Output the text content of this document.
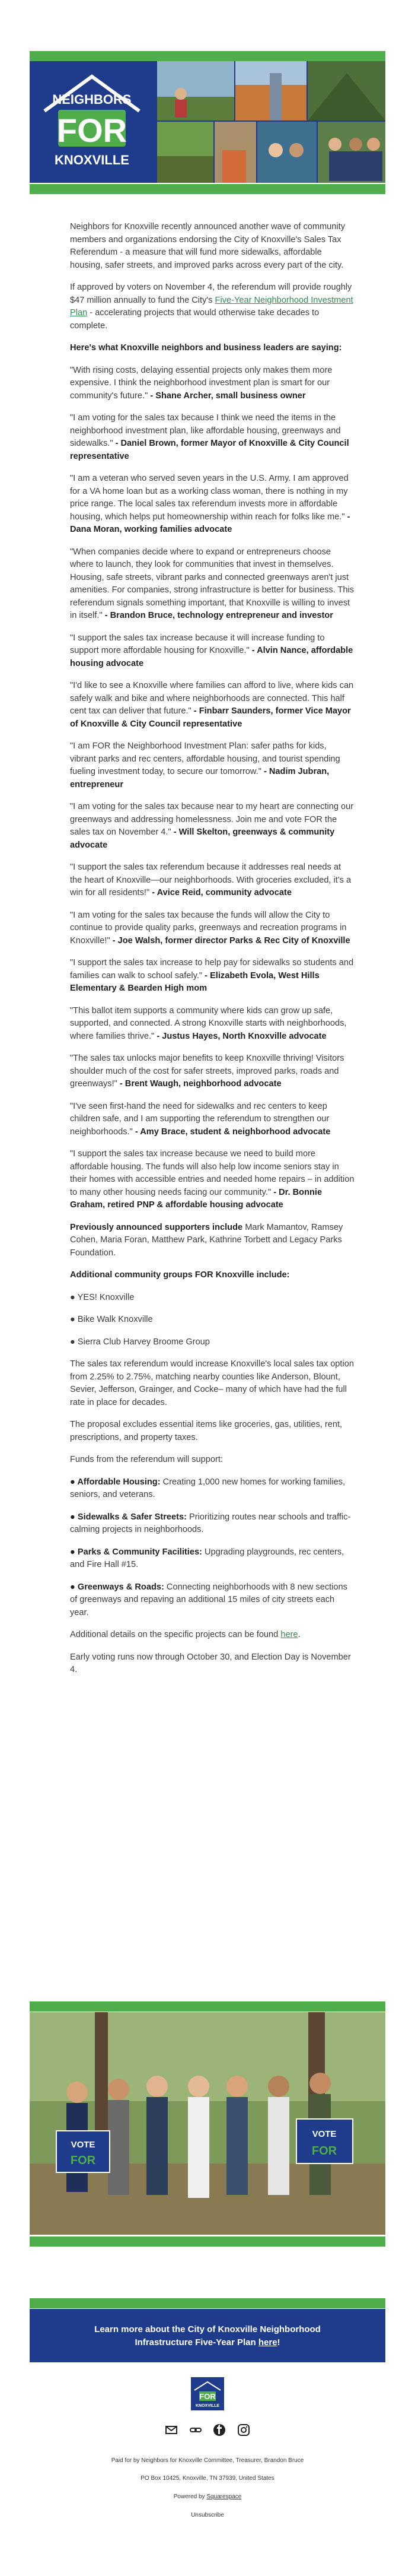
NEIGHBORS
FOR
KNOXVILLE

Neighbors for Knoxville recently announced another wave of community members and organizations endorsing the City of Knoxville's Sales Tax Referendum - a measure that will fund more sidewalks, affordable housing, safer streets, and improved parks across every part of the city.

If approved by voters on November 4, the referendum will provide roughly $47 million annually to fund the City's Five-Year Neighborhood Investment Plan - accelerating projects that would otherwise take decades to complete.

Here's what Knoxville neighbors and business leaders are saying:

"With rising costs, delaying essential projects only makes them more expensive. I think the neighborhood investment plan is smart for our community's future." - Shane Archer, small business owner

"I am voting for the sales tax because I think we need the items in the neighborhood investment plan, like affordable housing, greenways and sidewalks." - Daniel Brown, former Mayor of Knoxville & City Council representative

"I am a veteran who served seven years in the U.S. Army. I am approved for a VA home loan but as a working class woman, there is nothing in my price range. The local sales tax referendum invests more in affordable housing, which helps put homeownership within reach for folks like me." - Dana Moran, working families advocate

"When companies decide where to expand or entrepreneurs choose where to launch, they look for communities that invest in themselves. Housing, safe streets, vibrant parks and connected greenways aren't just amenities. For companies, strong infrastructure is better for business. This referendum signals something important, that Knoxville is willing to invest in itself." - Brandon Bruce, technology entrepreneur and investor

"I support the sales tax increase because it will increase funding to support more affordable housing for Knoxville." - Alvin Nance, affordable housing advocate

"I'd like to see a Knoxville where families can afford to live, where kids can safely walk and bike and where neighborhoods are connected. This half cent tax can deliver that future." - Finbarr Saunders, former Vice Mayor of Knoxville & City Council representative

"I am FOR the Neighborhood Investment Plan: safer paths for kids, vibrant parks and rec centers, affordable housing, and tourist spending fueling investment today, to secure our tomorrow." - Nadim Jubran, entrepreneur

"I am voting for the sales tax because near to my heart are connecting our greenways and addressing homelessness. Join me and vote FOR the sales tax on November 4." - Will Skelton, greenways & community advocate

"I support the sales tax referendum because it addresses real needs at the heart of Knoxville—our neighborhoods. With groceries excluded, it's a win for all residents!" - Avice Reid, community advocate

"I am voting for the sales tax because the funds will allow the City to continue to provide quality parks, greenways and recreation programs in Knoxville!" - Joe Walsh, former director Parks & Rec City of Knoxville

"I support the sales tax increase to help pay for sidewalks so students and families can walk to school safely." - Elizabeth Evola, West Hills Elementary & Bearden High mom

"This ballot item supports a community where kids can grow up safe, supported, and connected. A strong Knoxville starts with neighborhoods, where families thrive." - Justus Hayes, North Knoxville advocate

"The sales tax unlocks major benefits to keep Knoxville thriving! Visitors shoulder much of the cost for safer streets, improved parks, roads and greenways!" - Brent Waugh, neighborhood advocate

"I've seen first-hand the need for sidewalks and rec centers to keep children safe, and I am supporting the referendum to strengthen our neighborhoods." - Amy Brace, student & neighborhood advocate

"I support the sales tax increase because we need to build more affordable housing. The funds will also help low income seniors stay in their homes with accessible entries and needed home repairs – in addition to many other housing needs facing our community." - Dr. Bonnie Graham, retired PNP & affordable housing advocate

Previously announced supporters include Mark Mamantov, Ramsey Cohen, Maria Foran, Matthew Park, Kathrine Torbett and Legacy Parks Foundation.

Additional community groups FOR Knoxville include:

● YES! Knoxville

● Bike Walk Knoxville

● Sierra Club Harvey Broome Group

The sales tax referendum would increase Knoxville's local sales tax option from 2.25% to 2.75%, matching nearby counties like Anderson, Blount, Sevier, Jefferson, Grainger, and Cocke– many of which have had the full rate in place for decades.

The proposal excludes essential items like groceries, gas, utilities, rent, prescriptions, and property taxes.

Funds from the referendum will support:

● Affordable Housing: Creating 1,000 new homes for working families, seniors, and veterans.

● Sidewalks & Safer Streets: Prioritizing routes near schools and traffic-calming projects in neighborhoods.

● Parks & Community Facilities: Upgrading playgrounds, rec centers, and Fire Hall #15.

● Greenways & Roads: Connecting neighborhoods with 8 new sections of greenways and repaving an additional 15 miles of city streets each year.

Additional details on the specific projects can be found here.

Early voting runs now through October 30, and Election Day is November 4.

VOTE
FOR
VOTE
FOR
Learn more about the City of Knoxville Neighborhood Infrastructure Five-Year Plan here!
FOR
KNOXVILLE

Paid for by Neighbors for Knoxville Committee, Treasurer, Brandon Bruce
PO Box 10425, Knoxville, TN 37939, United States
Powered by Squarespace
Unsubscribe
